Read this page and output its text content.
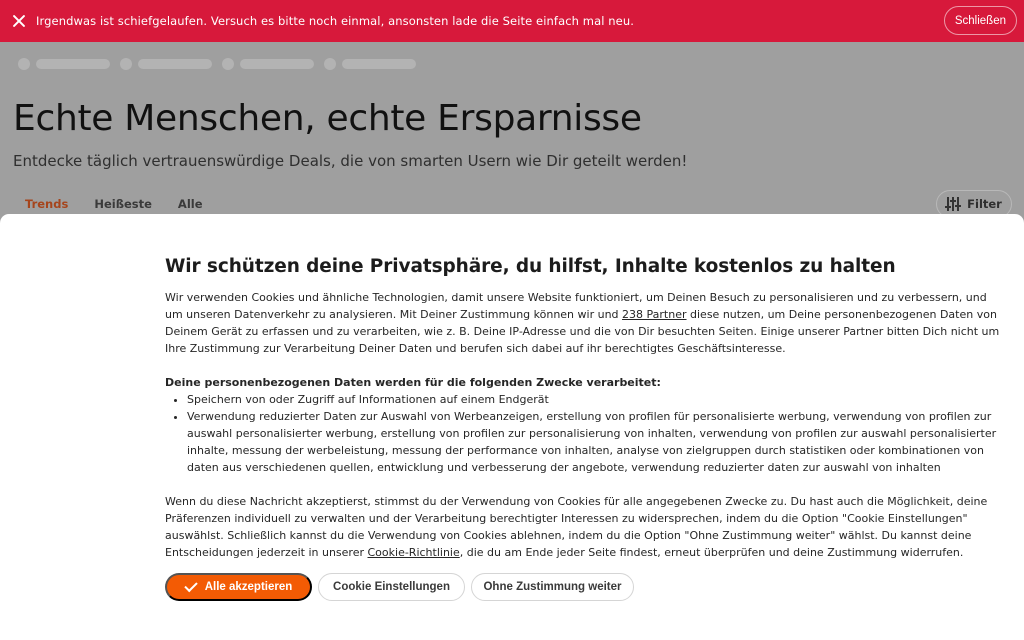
Echte Menschen, echte Ersparnisse
Entdecke täglich vertrauenswürdige Deals, die von smarten Usern wie Dir geteilt werden!
Trends Heißeste Alle	Filter
Irgendwas ist schiefgelaufen. Versuch es bitte noch einmal, ansonsten lade die Seite einfach mal neu.	Schließen
Wir schützen deine Privatsphäre, du hilfst, Inhalte kostenlos zu halten

Wir verwenden Cookies und ähnliche Technologien, damit unsere Website funktioniert, um Deinen Besuch zu personalisieren und zu verbessern, und um unseren Datenverkehr zu analysieren. Mit Deiner Zustimmung können wir und 238 Partner diese nutzen, um Deine personenbezogenen Daten von Deinem Gerät zu erfassen und zu verarbeiten, wie z. B. Deine IP-Adresse und die von Dir besuchten Seiten. Einige unserer Partner bitten Dich nicht um Ihre Zustimmung zur Verarbeitung Deiner Daten und berufen sich dabei auf ihr berechtigtes Geschäftsinteresse.

Deine personenbezogenen Daten werden für die folgenden Zwecke verarbeitet:

• Speichern von oder Zugriff auf Informationen auf einem Endgerät
• Verwendung reduzierter Daten zur Auswahl von Werbeanzeigen, erstellung von profilen für personalisierte werbung, verwendung von profilen zur auswahl personalisierter werbung, erstellung von profilen zur personalisierung von inhalten, verwendung von profilen zur auswahl personalisierter inhalte, messung der werbeleistung, messung der performance von inhalten, analyse von zielgruppen durch statistiken oder kombinationen von daten aus verschiedenen quellen, entwicklung und verbesserung der angebote, verwendung reduzierter daten zur auswahl von inhalten

Wenn du diese Nachricht akzeptierst, stimmst du der Verwendung von Cookies für alle angegebenen Zwecke zu. Du hast auch die Möglichkeit, deine Präferenzen individuell zu verwalten und der Verarbeitung berechtigter Interessen zu widersprechen, indem du die Option "Cookie Einstellungen" auswählst. Schließlich kannst du die Verwendung von Cookies ablehnen, indem du die Option "Ohne Zustimmung weiter" wählst. Du kannst deine Entscheidungen jederzeit in unserer Cookie-Richtlinie, die du am Ende jeder Seite findest, erneut überprüfen und deine Zustimmung widerrufen.

Alle akzeptieren	Cookie Einstellungen	Ohne Zustimmung weiter
